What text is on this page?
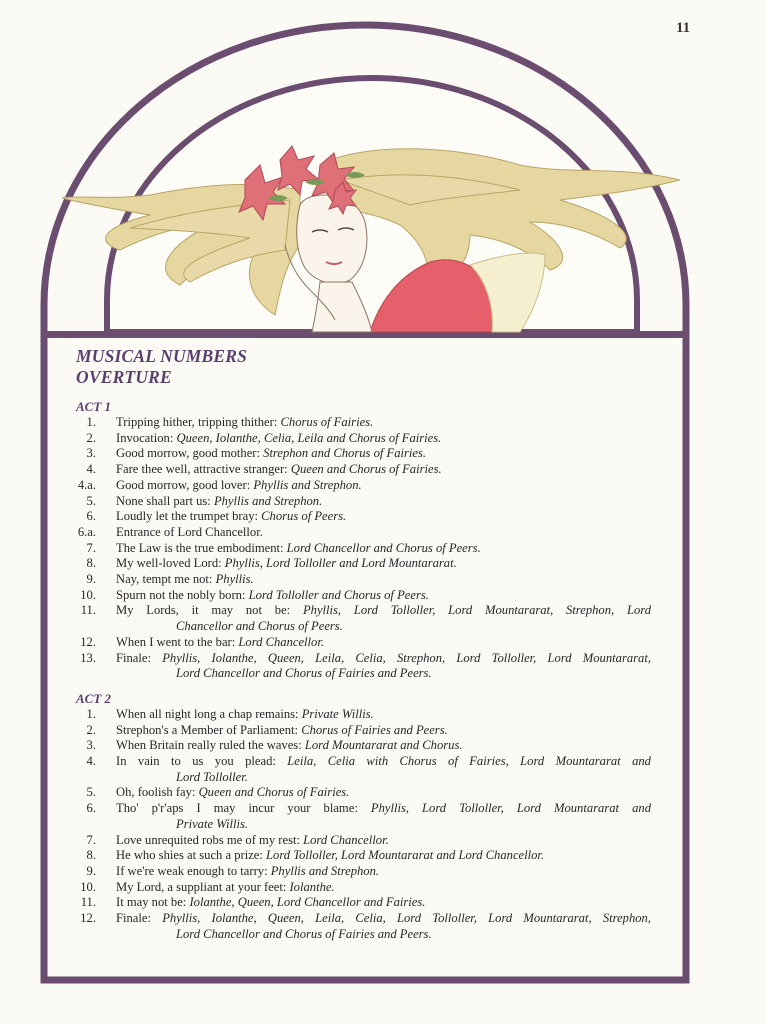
11
MUSICAL NUMBERS
OVERTURE
ACT 1
1. Tripping hither, tripping thither: Chorus of Fairies.
2. Invocation: Queen, Iolanthe, Celia, Leila and Chorus of Fairies.
3. Good morrow, good mother: Strephon and Chorus of Fairies.
4. Fare thee well, attractive stranger: Queen and Chorus of Fairies.
4.a. Good morrow, good lover: Phyllis and Strephon.
5. None shall part us: Phyllis and Strephon.
6. Loudly let the trumpet bray: Chorus of Peers.
6.a. Entrance of Lord Chancellor.
7. The Law is the true embodiment: Lord Chancellor and Chorus of Peers.
8. My well-loved Lord: Phyllis, Lord Tolloller and Lord Mountararat.
9. Nay, tempt me not: Phyllis.
10. Spurn not the nobly born: Lord Tolloller and Chorus of Peers.
11. My Lords, it may not be: Phyllis, Lord Tolloller, Lord Mountararat, Strephon, Lord
Chancellor and Chorus of Peers.
12. When I went to the bar: Lord Chancellor.
13. Finale: Phyllis, Iolanthe, Queen, Leila, Celia, Strephon, Lord Tolloller, Lord Mountararat,
Lord Chancellor and Chorus of Fairies and Peers.
ACT 2
1. When all night long a chap remains: Private Willis.
2. Strephon's a Member of Parliament: Chorus of Fairies and Peers.
3. When Britain really ruled the waves: Lord Mountararat and Chorus.
4. In vain to us you plead: Leila, Celia with Chorus of Fairies, Lord Mountararat and
Lord Tolloller.
5. Oh, foolish fay: Queen and Chorus of Fairies.
6. Tho' p'r'aps I may incur your blame: Phyllis, Lord Tolloller, Lord Mountararat and
Private Willis.
7. Love unrequited robs me of my rest: Lord Chancellor.
8. He who shies at such a prize: Lord Tolloller, Lord Mountararat and Lord Chancellor.
9. If we're weak enough to tarry: Phyllis and Strephon.
10. My Lord, a suppliant at your feet: Iolanthe.
11. It may not be: Iolanthe, Queen, Lord Chancellor and Fairies.
12. Finale: Phyllis, Iolanthe, Queen, Leila, Celia, Lord Tolloller, Lord Mountararat, Strephon,
Lord Chancellor and Chorus of Fairies and Peers.
